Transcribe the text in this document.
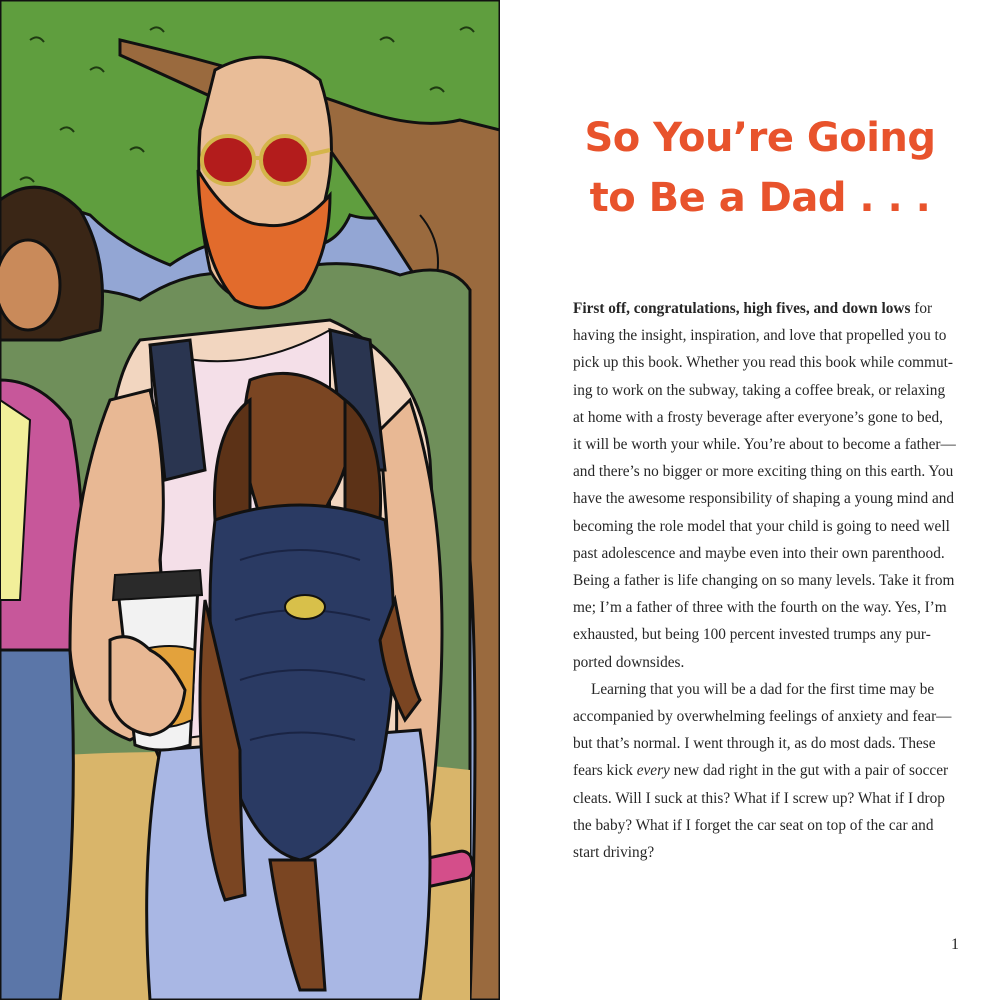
So You’re Going
to Be a Dad . . .
First off, congratulations, high fives, and down lows for
having the insight, inspiration, and love that propelled you to
pick up this book. Whether you read this book while commut-
ing to work on the subway, taking a coffee break, or relaxing
at home with a frosty beverage after everyone’s gone to bed,
it will be worth your while. You’re about to become a father—
and there’s no bigger or more exciting thing on this earth. You
have the awesome responsibility of shaping a young mind and
becoming the role model that your child is going to need well
past adolescence and maybe even into their own parenthood.
Being a father is life changing on so many levels. Take it from
me; I’m a father of three with the fourth on the way. Yes, I’m
exhausted, but being 100 percent invested trumps any pur-
ported downsides.
Learning that you will be a dad for the first time may be
accompanied by overwhelming feelings of anxiety and fear—
but that’s normal. I went through it, as do most dads. These
fears kick every new dad right in the gut with a pair of soccer
cleats. Will I suck at this? What if I screw up? What if I drop
the baby? What if I forget the car seat on top of the car and
start driving?
1
